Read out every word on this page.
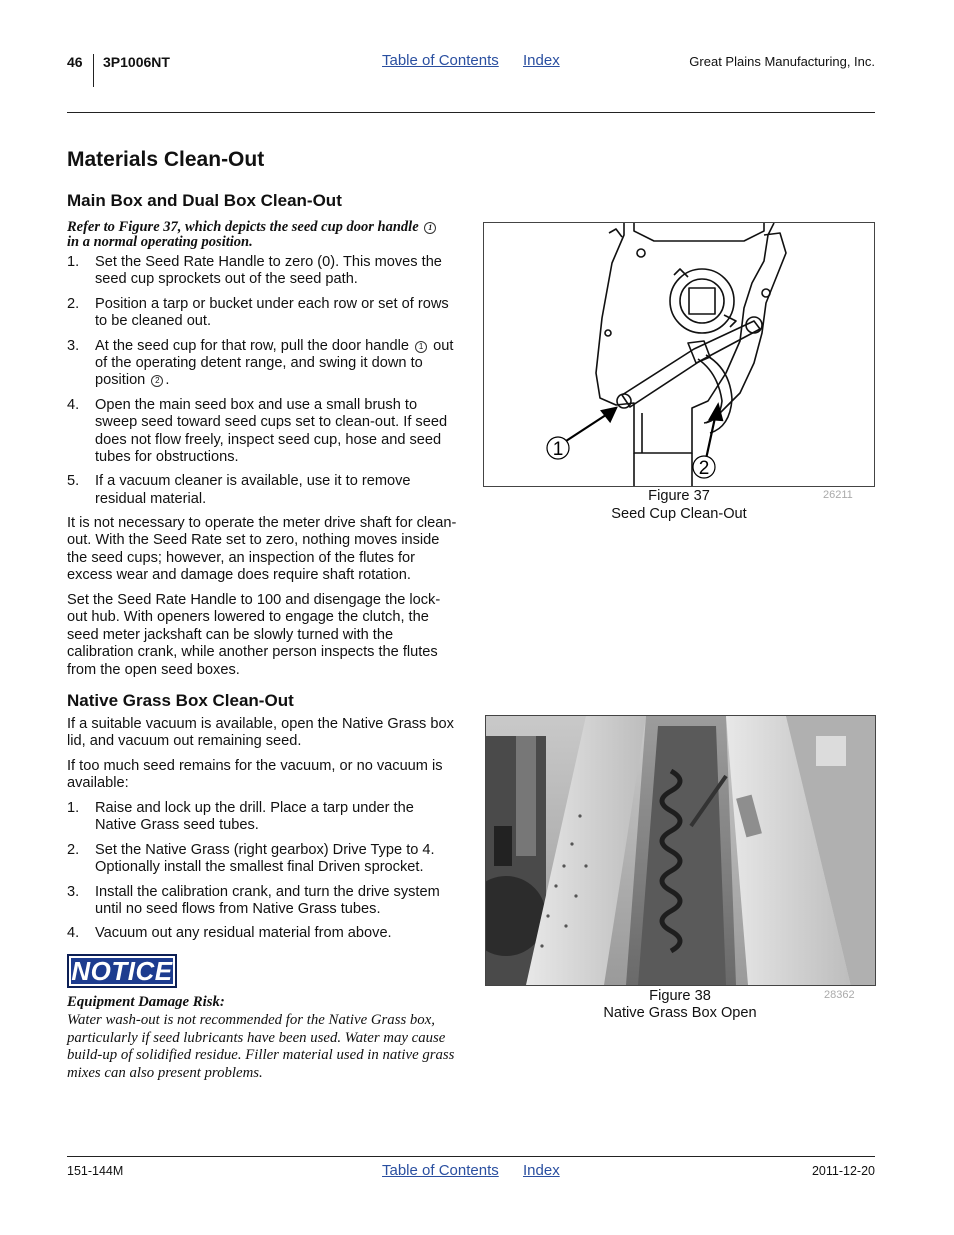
46 3P1006NT	Table of Contents Index	Great Plains Manufacturing, Inc.
Materials Clean-Out
Main Box and Dual Box Clean-Out
Refer to Figure 37, which depicts the seed cup door handle 1
in a normal operating position.
1.	Set the Seed Rate Handle to zero (0). This moves the seed cup sprockets out of the seed path.
2.	Position a tarp or bucket under each row or set of rows to be cleaned out.
3.	At the seed cup for that row, pull the door handle 1 out of the operating detent range, and swing it down to position 2 .
4.	Open the main seed box and use a small brush to sweep seed toward seed cups set to clean-out. If seed does not flow freely, inspect seed cup, hose and seed tubes for obstructions.
5.	If a vacuum cleaner is available, use it to remove residual material.

It is not necessary to operate the meter drive shaft for clean-out. With the Seed Rate set to zero, nothing moves inside the seed cups; however, an inspection of the flutes for excess wear and damage does require shaft rotation.

Set the Seed Rate Handle to 100 and disengage the lock-out hub. With openers lowered to engage the clutch, the seed meter jackshaft can be slowly turned with the calibration crank, while another person inspects the flutes from the open seed boxes.

Native Grass Box Clean-Out

If a suitable vacuum is available, open the Native Grass box lid, and vacuum out remaining seed.

If too much seed remains for the vacuum, or no vacuum is available:

1.	Raise and lock up the drill. Place a tarp under the Native Grass seed tubes.
2.	Set the Native Grass (right gearbox) Drive Type to 4. Optionally install the smallest final Driven sprocket.
3.	Install the calibration crank, and turn the drive system until no seed flows from Native Grass tubes.
4.	Vacuum out any residual material from above.
NOTICE
Equipment Damage Risk:
Water wash-out is not recommended for the Native Grass box, particularly if seed lubricants have been used. Water may cause build-up of solidified residue. Filler material used in native grass mixes can also present problems.
1
2
Figure 37
Seed Cup Clean-Out
26211
Figure 38
Native Grass Box Open
28362
151-144M	Table of Contents Index	2011-12-20
